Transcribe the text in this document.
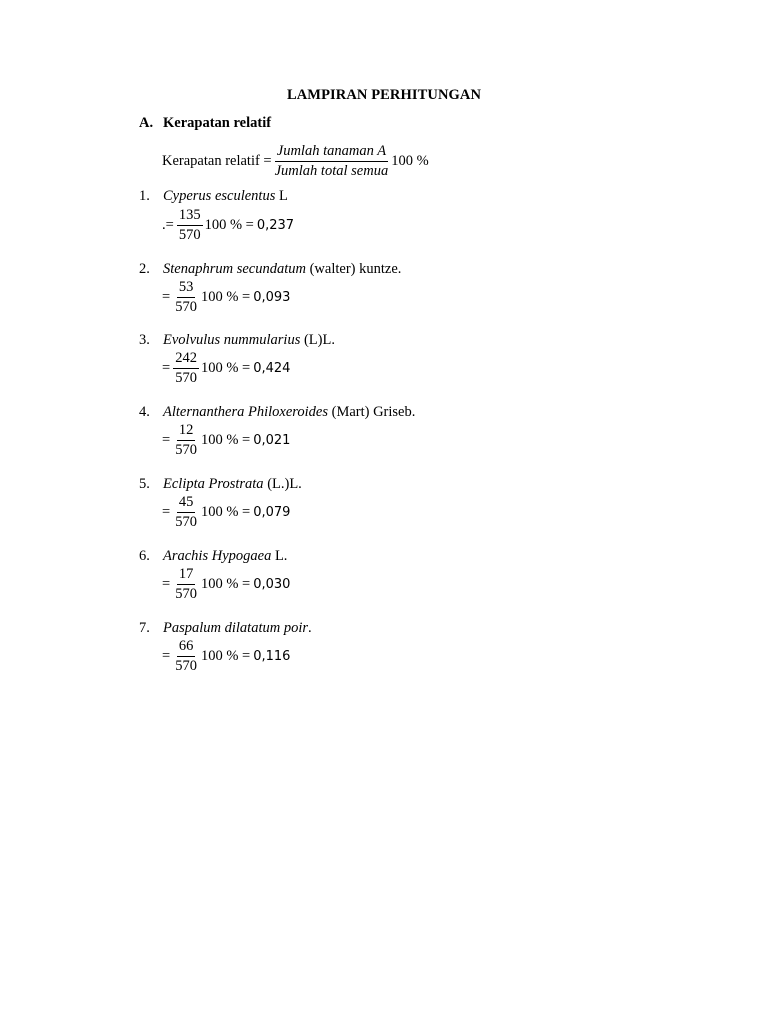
LAMPIRAN PERHITUNGAN
A. Kerapatan relatif
Kerapatan relatif = $\frac{\text{Jumlah tanaman A}}{\text{Jumlah total semua}} 100$ %
1. Cyperus esculentus L
.= $\frac{135}{570} 100$ % = 0,237
2. Stenaphrum secundatum (walter) kuntze.
= $\frac{53}{570} 100$ % = 0,093
3. Evolvulus nummularius (L)L.
= $\frac{242}{570} 100$ % = 0,424
4. Alternanthera Philoxeroides (Mart) Griseb.
= $\frac{12}{570} 100$ % = 0,021
5. Eclipta Prostrata (L.)L.
= $\frac{45}{570} 100$ % = 0,079
6. Arachis Hypogaea L.
= $\frac{17}{570} 100$ % = 0,030
7. Paspalum dilatatum poir.
= $\frac{66}{570} 100$ % = 0,116
